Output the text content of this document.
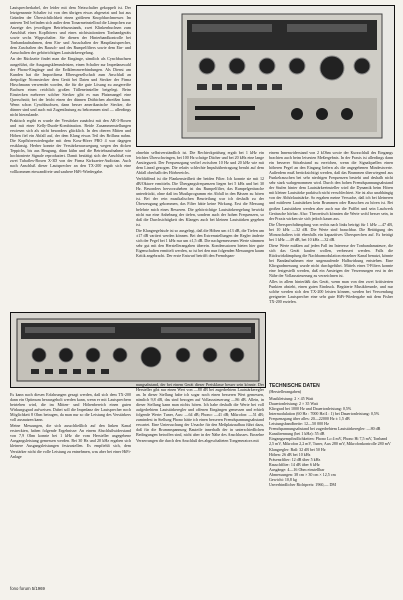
Lautsprecherkabel, der leider mit dem Netzschalter gekoppelt ist. Der letztgenannte Schalter ist von den übrigen etwas abgesetzt und hat aus Gründen der Übersichtlichkeit einen größeren Knopfdurchmesser. Im unteren Teil befinden sich außer dem Tonarmeinstellrad die Lämpchen zur Anzeige des jeweiligen Betriebszustands, zwei Klinkenbuchsen zum Anschluß eines Kopfhörers und eines nichtstationären Tonbandgeräts sowie sechs Wippschalter. Sie dienen der Hinterbandkontrolle bei Tonbandaufnahmen, dem Ein- und Ausschalten der Hauptlautsprecher, dem Zuschalten des Rausch- und des Rumpelfilters sowie dem Ein- und Ausschalten der gehörrichtigen Lautstärkeregelung.

An der Rückseite findet man die Eingänge, sämtlich als Cynchbuchsen ausgeführt, die Ausgangsklemmleisten, einen Schalter zur Impedanzwahl der Phono-Eingänge und die Erdklemmverbindungen. Als Dienst am Kunden hat die Importfirma Elbersgesellschaft zum Anschluß an dreipolige Normstecker dem Gerät bei Daten und Stecker der Firma Hirschmann verwendet worden, die für die gute Lösung zu ausgereifte Buchsen einen reichlich großen Tülleneinsteller beigelegt. Beim Einstecken mehrerer solcher Stecker gibt es nun Platzmangel eine Querschnitt; bei der leicht einen der dünnen Drähtchen abreißen kann. Wenn schon Cynchbuchsen, dann besser amerikanische Stecker, die dünner sind und auch mit Zugentlastung zu bekommen sind — allerdings nicht hierzulande.

Praktisch ergibt es wurde der Verstärker zunächst mit den AR-3-Boxen und mit einer Kelly-Duode-Kombination. Beide Zusammenstellungen erwiesen sich als nicht besonders glücklich. In den oberen Mitten und Höhen fiel ein Abfall auf, der dem Klang etwas Teil des Brillanz nahm. Die Kopfhörerwiedergabe mit dem Koss-Hörer PRO 4 war dagegen erstklassig. Herber konnte der Verstärkerauswegung wegen des dicken Teppichs, bis aus Beugung, dünn kühn und die Betriebsaufnahme wie hochtonierte Signale reproduziert. Damit bestätigt sich der Anschluß von zwei Tubaflex-Boxen X-3D von der Firma Kirksaeter-Audiotan. Auch nach Anschluß dieser Lautsprecher an den TX-200 ergab sich eine vollkommen einwandfreie und saubere HiFi-Wiedergabe.

ohnehin selbstverständlich ist. Die Rechteckprüfung ergab bei 1 kHz ein leichtes Überschwingen, bei 100 Hz schräge Dächer und bei 20 kHz eine lange Anstiegszeit. Der Frequenzgang verlief zwischen 10 Hz und 20 kHz wie mit dem Lineal gezogen. Die relativ schlechte Impulsübertragung beruht auf dem Abfall oberhalb des Hörbereichs.

Verblüffend ist die Flankensteilheit der beiden Filter. Ich konnte sie mit 12 dB/Oktave ermitteln. Die Übergangsfrequenzen liegen bei 5 kHz und bei 30 Hz. Besonders hervorzuheben ist das Rumpelfilter, das Rumpelgeräusche unterdrückt, ohne daß im Musikprogramm ein Abfall in den Bässen zu hören ist. Bei der rein musikalischen Beurteilung war ich deshalb zu der Überzeugung gekommen, das Filter hätte keine Wirkung. Erst die Messung belehrte mich eines Besseren. Die gehörrichtige Lautstärkeregelung bewirkt nicht nur eine Anhebung der tiefen, sondern auch der hohen Frequenzen, so daß die Durchsichtigkeit des Klanges auch bei kleinen Lautstärken gegeben ist.

Die Klangregelstufe ist so ausgelegt, daß die Höhen um ±13 dB, die Tiefen um ±17 dB variiert werden können. Bei den Extremstellungen der Regler änderte sich der Pegel bei 1 kHz nur um ±1,5 dB. Die nachgemessenen Werte stimmen sehr gut mit den Herstellerangaben überein. Kondensatoren bieten hier gute Eigenschaften ermittelt werden, so ist bei den nun folgenden Messungen kaum Kritik angebracht. Der erste Entwurf betrifft den Fremdspan-

einem Innenwiderstand von 2 kOhm sowie der Kurzschluß des Eingangs brachten auch beim leisesten Meßergebnis. In der Praxis ist allerdings dann ein besserer Störabstand zu erreichen, wenn die Signalquellen einen höheren Pegel an den Eingang liefern als die angegebenen Mindestwerte. Außerdem muß berücksichtigt werden, daß das Brummen überwiegend aus Funkelrauschen bei sehr niedrigen Frequenzen besteht und deshalb nicht sehr stark wahrgenommen wird. Durch den hohen Fremdspannungsabstand der Stufen hinter dem Lautstärkeeinsteller wird die Dynamik beim Hören mit kleiner Lautstärke praktisch nicht verschlechtert. Sie ist also unabhängig von der Abhörlautstärke. So ergaben meine Versuche, daß ich bei kleineren und mittleren Lautstärken kein Brummen oder Rauschen zu hören ist. Bei großen Lautstärken werden aber auch nur die Pufflet und sein Laufwerk Geräusche hörbar. Also: Theoretisch könnten die Werte wohl besser sein, in der Praxis wirken sie sich jedoch kaum aus.

Die Übersprechdämpfung von rechts nach links beträgt für 1 kHz —47 dB, bei 10 kHz —32 dB. Die Werte sind brauchbar. Die Betätigung des Monoschalters tritt ebenfalls ein kapazitives Übersprechen auf. Es beträgt bei 1 kHz —49 dB, bei 10 kHz —32 dB.

Diese Werte müßten auf jeden Fall im Interesse der Tonbandamateure, die sich das Gerät kaufen wollen, verbessert werden. Falls die Rückwirkdämpfung die Nachbarmodulation einzelner Kanal benutzt, könnte bei Bandaufnahmen eine ungenaufende Halbwirkung entstehen. Eine Klirrgradmessung wurde nicht durchgeführt. Mittels eines T-Filters konnte eine festgestellt werden, daß ein Ansteigen der Verzerrungen erst in der Nähe der Vollaussteuerung zu verzeichnen ist.

Alles in allem hinterläßt das Gerät, wenn man von den zwei kritisierten Punkten absieht, einen guten Eindruck. Begüterte Musikfreunde, und nur solche werden sich den TX-200 leisten können, werden bei Verwendung geeigneter Lautsprecher eine sehr gute HiFi-Wiedergabe mit dem Fisher TX-200 erzielen.

Es kann nach diesen Erfahrungen gesagt werden, daß sich dem TX-200 dann ein Optimum herausgeholt werden kann, wenn er mit Lautsprechern betrieben wird, die im Mitten- und Höhenbereich einen guten Wirkungsgrad aufweisen. Dabei soll die Impedanz der Lautsprecher noch Möglichkeit 8 Ohm betragen, da man nur so die Leistung des Verstärkers voll ausnutzen kann.

Meine Messungen, die sich ausschließlich auf den linken Kanal erstreckten, haben folgende Ergebnisse: An einem Abschlußwiderstand von 7,9 Ohm konnte bei 1 kHz die vom Hersteller angegebene Ausgangsleistung gemessen werden. Bei 30 Hz und 20 kHz ergaben sich kleinere Ausgangsleistungen festzustellen. Es empfiehlt sich, dem Verstärker nicht die volle Leistung zu entnehmen, was aber bei einer HiFi-Anlage

nungsabstand, der bei einem Gerät dieser Preisklasse besser sein könnte. Der Hersteller gibt nur einen Wert von —80 dB bei zugedrehtem Lautstärkeregler an. In dieser Stellung habe ich sogar noch einen besseren Wert gemessen, nämlich 9,8 dB, das sind bezogen auf Vollaussteuerung —86 dB. Allein, in dieser Stellung kann man nichts hören. Ich habe deshalb die Werte bei voll aufgedrehtem Lautstärkeregler und offenen Eingängen gemessen und erhielt folgende Werte: Tuner, Aux: —64 dB; Phono: —41 dB; Mikrofon: —51 dB; zumindest in Stellung Phono hätte ich einen besseren Fremdspannungsabstand erwartet. Eine Untersuchung der Ursache für den Meßplatzaufbau führt dazu, daß für die Brummspannung Bauteile innerhalb der in unterschiedlichen Bedingungen betroffen sind, nicht aber in der Nähe des Anschlusses. Einzelne Verzerrungen die durch den Anschluß des abgeschalteten Tongenerators mit

TECHNISCHE DATEN

(Herstellerangaben)

Musikleistung: 2 × 45 Watt

Dauertonleistung: 2 × 35 Watt

Klirrgrad bei 1000 Hz und Dauertonleistung: 0,5%

Intermodulation (60 Hz : 7000 Hz/4 : 1) bei Dauertonleistung: 0,5%

Frequenzgang über alles: 20—22000 Hz ± 1,5 dB

Leistungsbandbreite: 12—50 000 Hz

Fremdspannungsabstand bei zugedrehtem Lautstärkeregler: —80 dB

Kanaltrennung (bei 1 kHz): 55 dB

Eingangsempfindlichkeiten: Phono Lo 4 mV, Phono Hi 7,5 mV, Tonband 2,5 mV, Mikrofon 2,2 mV, Tuner, Aux 280 mV, Mikrofonkontrolle 280 mV

Klangregler: Baß: 32 dB bei 50 Hz

Höhen: 26 dB bei 10 kHz

Präsenzfilter: 12 dB über 5 kHz

Rauschfilter: 14 dB über 6 kHz

Ausgänge: 4—16 Ohm einstellbar

Abmessungen: 38 cm × 30 cm × 12,5 cm

Gewicht: 10,8 kg

Unverbindlicher Richtpreis: 1960,— DM

fono forum 5/1969
